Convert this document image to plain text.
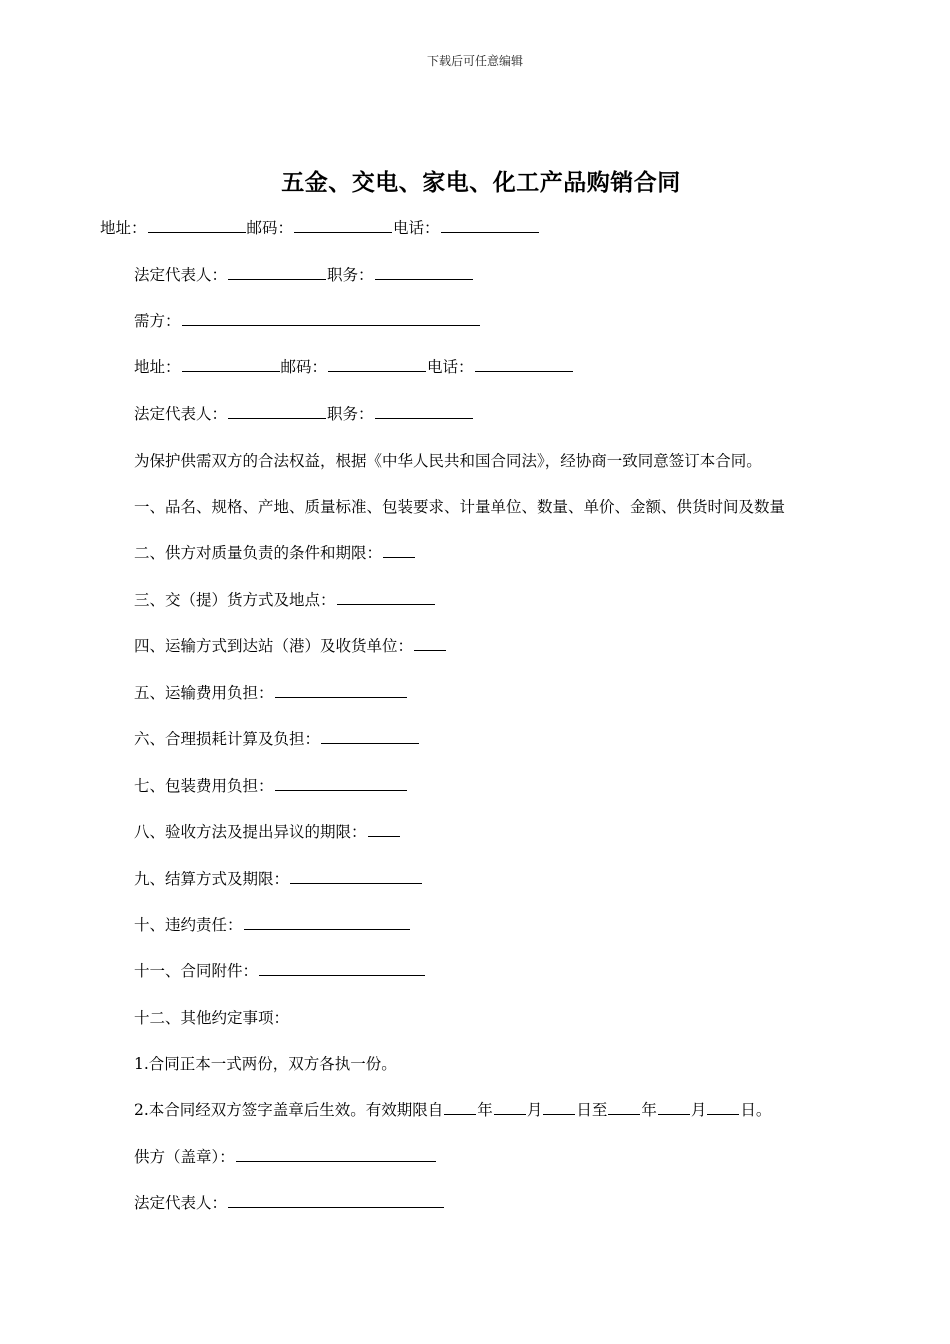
下载后可任意编辑
五金、交电、家电、化工产品购销合同
地址：	邮码：	电话：
法定代表人：	职务：
需方：
地址：	邮码：	电话：
法定代表人：	职务：
为保护供需双方的合法权益，根据《中华人民共和国合同法》，经协商一致同意签订本合同。
一、品名、规格、产地、质量标准、包装要求、计量单位、数量、单价、金额、供货时间及数量
二、供方对质量负责的条件和期限：
三、交（提）货方式及地点：
四、运输方式到达站（港）及收货单位：
五、运输费用负担：
六、合理损耗计算及负担：
七、包装费用负担：
八、验收方法及提出异议的期限：
九、结算方式及期限：
十、违约责任：
十一、合同附件：
十二、其他约定事项：
1.合同正本一式两份，双方各执一份。
2.本合同经双方签字盖章后生效。有效期限自 年 月 日至 年 月 日。
供方（盖章）：
法定代表人：
